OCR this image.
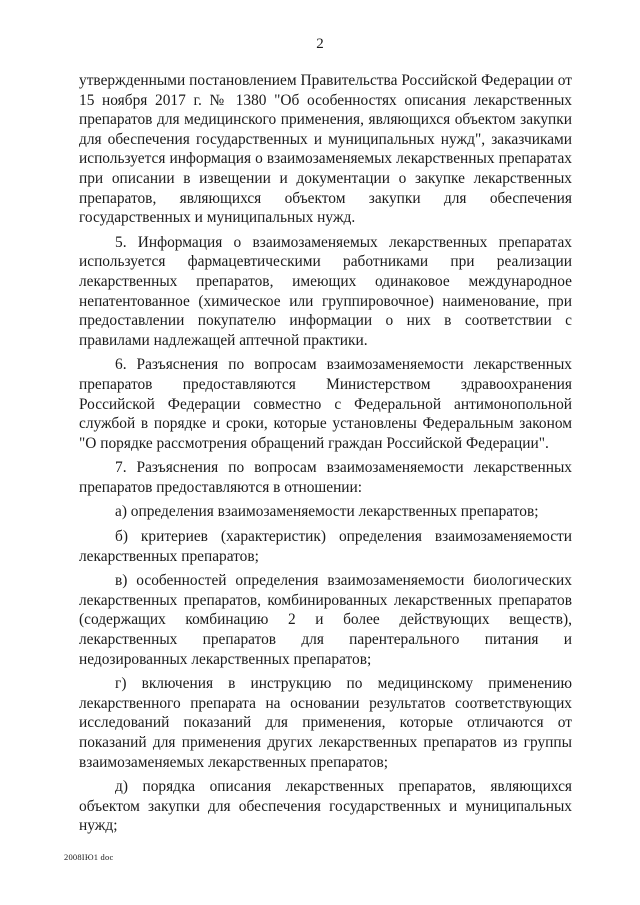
2

утвержденными постановлением Правительства Российской Федерации от 15 ноября 2017 г. № 1380 "Об особенностях описания лекарственных препаратов для медицинского применения, являющихся объектом закупки для обеспечения государственных и муниципальных нужд", заказчиками используется информация о взаимозаменяемых лекарственных препаратах при описании в извещении и документации о закупке лекарственных препаратов, являющихся объектом закупки для обеспечения государственных и муниципальных нужд.

5. Информация о взаимозаменяемых лекарственных препаратах используется фармацевтическими работниками при реализации лекарственных препаратов, имеющих одинаковое международное непатентованное (химическое или группировочное) наименование, при предоставлении покупателю информации о них в соответствии с правилами надлежащей аптечной практики.

6. Разъяснения по вопросам взаимозаменяемости лекарственных препаратов предоставляются Министерством здравоохранения Российской Федерации совместно с Федеральной антимонопольной службой в порядке и сроки, которые установлены Федеральным законом "О порядке рассмотрения обращений граждан Российской Федерации".

7. Разъяснения по вопросам взаимозаменяемости лекарственных препаратов предоставляются в отношении:

а) определения взаимозаменяемости лекарственных препаратов;

б) критериев (характеристик) определения взаимозаменяемости лекарственных препаратов;

в) особенностей определения взаимозаменяемости биологических лекарственных препаратов, комбинированных лекарственных препаратов (содержащих комбинацию 2 и более действующих веществ), лекарственных препаратов для парентерального питания и недозированных лекарственных препаратов;

г) включения в инструкцию по медицинскому применению лекарственного препарата на основании результатов соответствующих исследований показаний для применения, которые отличаются от показаний для применения других лекарственных препаратов из группы взаимозаменяемых лекарственных препаратов;

д) порядка описания лекарственных препаратов, являющихся объектом закупки для обеспечения государственных и муниципальных нужд;

2008IЮ1 doc
